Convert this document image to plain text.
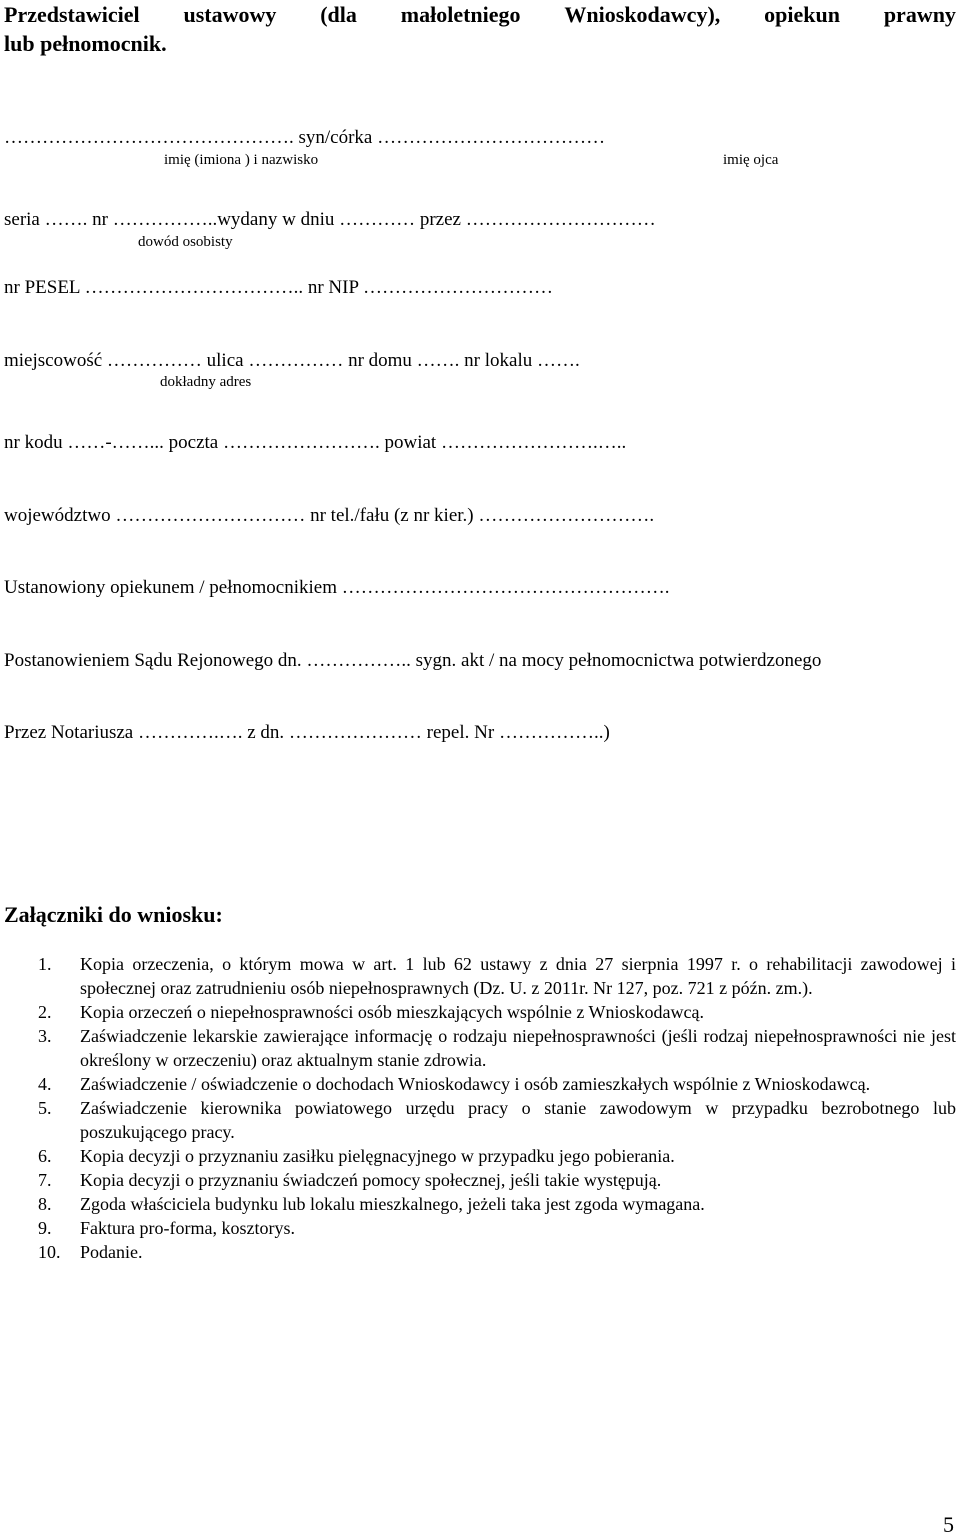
Przedstawiciel ustawowy (dla małoletniego Wnioskodawcy), opiekun prawny
lub pełnomocnik.
………………………………………. syn/córka ………………………………
imię (imiona ) i nazwisko	imię ojca
seria ……. nr ……………..wydany w dniu ………… przez …………………………
dowód osobisty
nr PESEL …………………………….. nr NIP …………………………
miejscowość …………… ulica …………… nr domu ……. nr lokalu …….
dokładny adres
nr kodu ……-……... poczta ……………………. powiat …………………….…..
województwo ………………………… nr tel./fału (z nr kier.) ……………………….
Ustanowiony opiekunem / pełnomocnikiem …………………………………………….
Postanowieniem Sądu Rejonowego dn. …………….. sygn. akt / na mocy pełnomocnictwa potwierdzonego
Przez Notariusza ………….…. z dn. ………………… repel. Nr ……………..)
Załączniki do wniosku:
1.	Kopia orzeczenia, o którym mowa w art. 1 lub 62 ustawy z dnia 27 sierpnia 1997 r. o rehabilitacji zawodowej i społecznej oraz zatrudnieniu osób niepełnosprawnych (Dz. U. z 2011r. Nr 127, poz. 721 z późn. zm.).
2.	Kopia orzeczeń o niepełnosprawności osób mieszkających wspólnie z Wnioskodawcą.
3.	Zaświadczenie lekarskie zawierające informację o rodzaju niepełnosprawności (jeśli rodzaj niepełnosprawności nie jest określony w orzeczeniu) oraz aktualnym stanie zdrowia.
4.	Zaświadczenie / oświadczenie o dochodach Wnioskodawcy i osób zamieszkałych wspólnie z Wnioskodawcą.
5.	Zaświadczenie kierownika powiatowego urzędu pracy o stanie zawodowym w przypadku bezrobotnego lub poszukującego pracy.
6.	Kopia decyzji o przyznaniu zasiłku pielęgnacyjnego w przypadku jego pobierania.
7.	Kopia decyzji o przyznaniu świadczeń pomocy społecznej, jeśli takie występują.
8.	Zgoda właściciela budynku lub lokalu mieszkalnego, jeżeli taka jest zgoda wymagana.
9.	Faktura pro-forma, kosztorys.
10.	Podanie.
5
